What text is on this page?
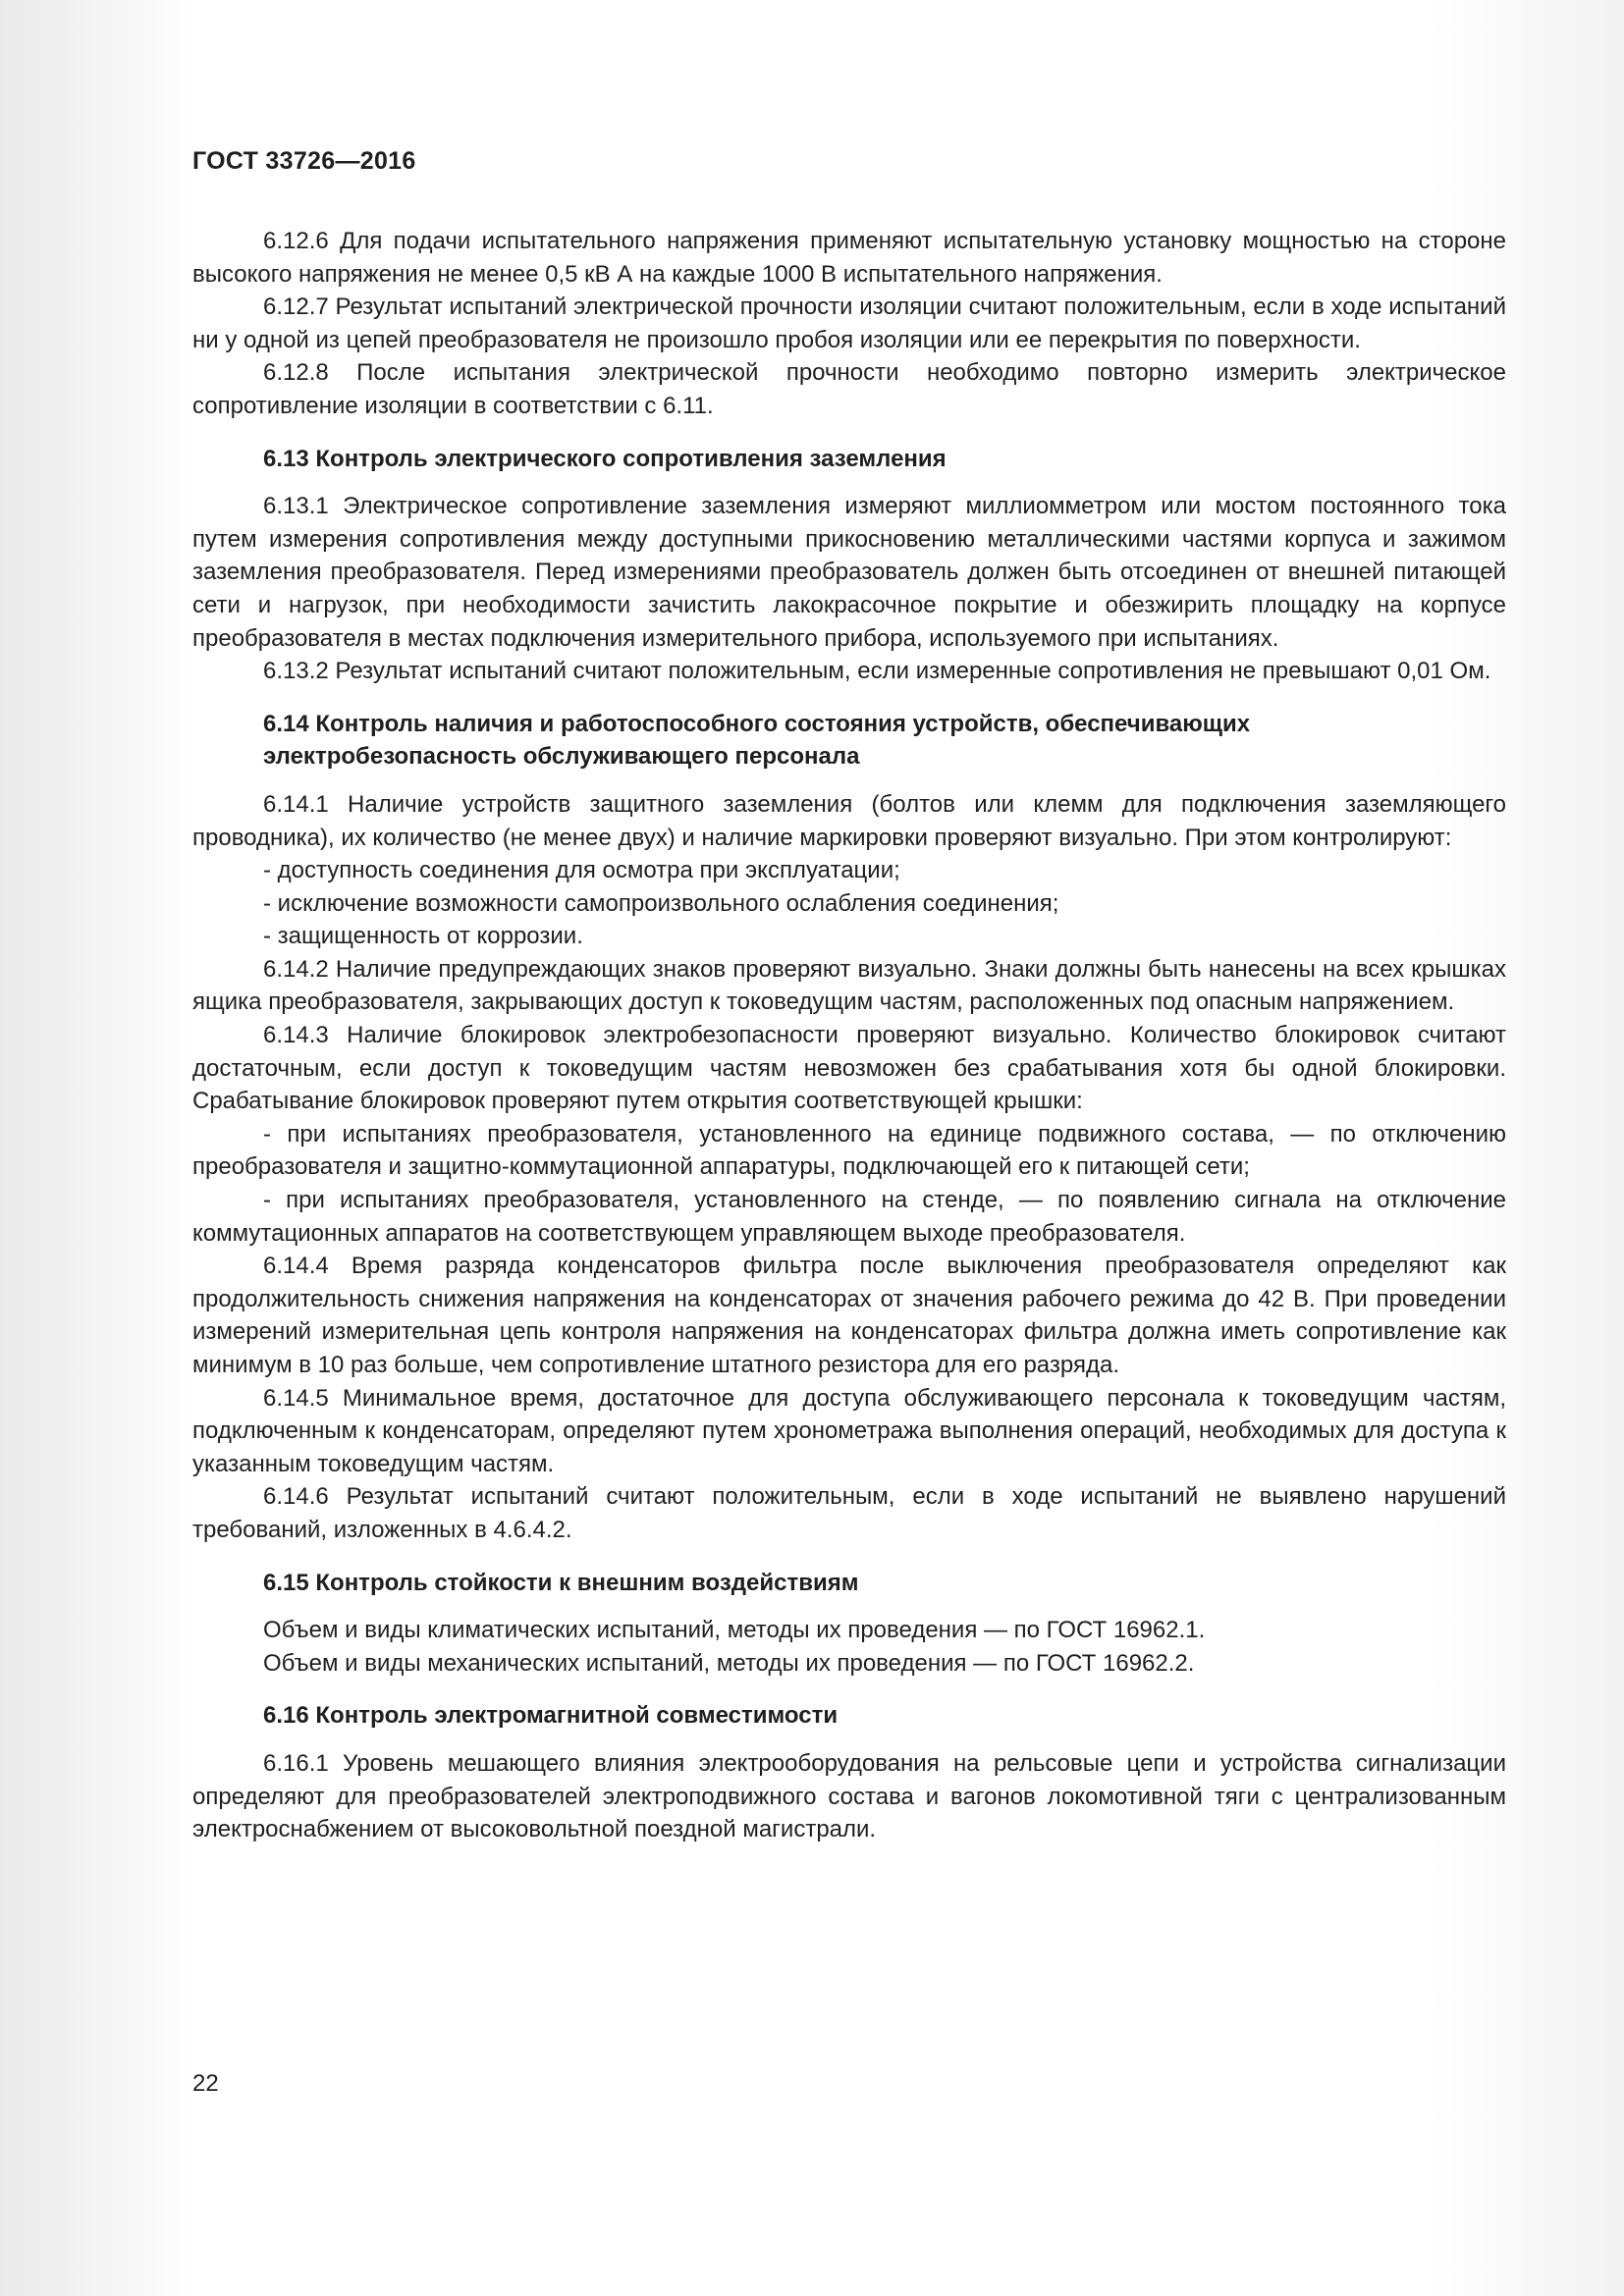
ГОСТ 33726—2016

6.12.6 Для подачи испытательного напряжения применяют испытательную установку мощностью на стороне высокого напряжения не менее 0,5 кВ А на каждые 1000 В испытательного напряжения.

6.12.7 Результат испытаний электрической прочности изоляции считают положительным, если в ходе испытаний ни у одной из цепей преобразователя не произошло пробоя изоляции или ее перекрытия по поверхности.

6.12.8 После испытания электрической прочности необходимо повторно измерить электрическое сопротивление изоляции в соответствии с 6.11.

6.13 Контроль электрического сопротивления заземления

6.13.1 Электрическое сопротивление заземления измеряют миллиомметром или мостом постоянного тока путем измерения сопротивления между доступными прикосновению металлическими частями корпуса и зажимом заземления преобразователя. Перед измерениями преобразователь должен быть отсоединен от внешней питающей сети и нагрузок, при необходимости зачистить лакокрасочное покрытие и обезжирить площадку на корпусе преобразователя в местах подключения измерительного прибора, используемого при испытаниях.

6.13.2 Результат испытаний считают положительным, если измеренные сопротивления не превышают 0,01 Ом.

6.14 Контроль наличия и работоспособного состояния устройств, обеспечивающих электробезопасность обслуживающего персонала

6.14.1 Наличие устройств защитного заземления (болтов или клемм для подключения заземляющего проводника), их количество (не менее двух) и наличие маркировки проверяют визуально. При этом контролируют:

- доступность соединения для осмотра при эксплуатации;

- исключение возможности самопроизвольного ослабления соединения;

- защищенность от коррозии.

6.14.2 Наличие предупреждающих знаков проверяют визуально. Знаки должны быть нанесены на всех крышках ящика преобразователя, закрывающих доступ к токоведущим частям, расположенных под опасным напряжением.

6.14.3 Наличие блокировок электробезопасности проверяют визуально. Количество блокировок считают достаточным, если доступ к токоведущим частям невозможен без срабатывания хотя бы одной блокировки. Срабатывание блокировок проверяют путем открытия соответствующей крышки:

- при испытаниях преобразователя, установленного на единице подвижного состава, — по отключению преобразователя и защитно-коммутационной аппаратуры, подключающей его к питающей сети;

- при испытаниях преобразователя, установленного на стенде, — по появлению сигнала на отключение коммутационных аппаратов на соответствующем управляющем выходе преобразователя.

6.14.4 Время разряда конденсаторов фильтра после выключения преобразователя определяют как продолжительность снижения напряжения на конденсаторах от значения рабочего режима до 42 В. При проведении измерений измерительная цепь контроля напряжения на конденсаторах фильтра должна иметь сопротивление как минимум в 10 раз больше, чем сопротивление штатного резистора для его разряда.

6.14.5 Минимальное время, достаточное для доступа обслуживающего персонала к токоведущим частям, подключенным к конденсаторам, определяют путем хронометража выполнения операций, необходимых для доступа к указанным токоведущим частям.

6.14.6 Результат испытаний считают положительным, если в ходе испытаний не выявлено нарушений требований, изложенных в 4.6.4.2.

6.15 Контроль стойкости к внешним воздействиям

Объем и виды климатических испытаний, методы их проведения — по ГОСТ 16962.1.

Объем и виды механических испытаний, методы их проведения — по ГОСТ 16962.2.

6.16 Контроль электромагнитной совместимости

6.16.1 Уровень мешающего влияния электрооборудования на рельсовые цепи и устройства сигнализации определяют для преобразователей электроподвижного состава и вагонов локомотивной тяги с централизованным электроснабжением от высоковольтной поездной магистрали.

22
